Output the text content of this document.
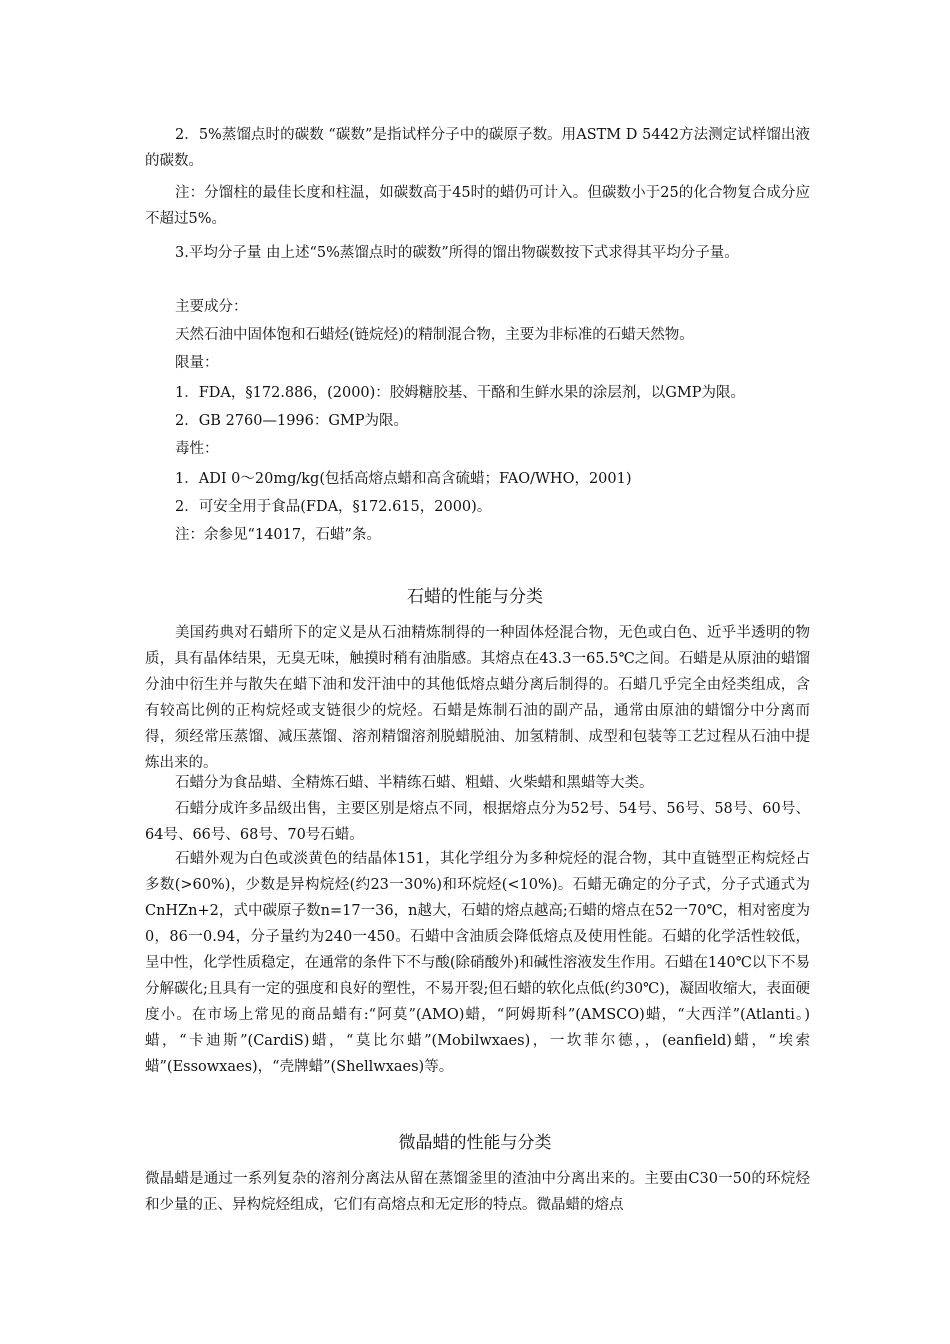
2．5%蒸馏点时的碳数 “碳数”是指试样分子中的碳原子数。用ASTM D 5442方法测定试样馏出液的碳数。

注：分馏柱的最佳长度和柱温，如碳数高于45时的蜡仍可计入。但碳数小于25的化合物复合成分应不超过5%。

3.平均分子量 由上述“5%蒸馏点时的碳数”所得的馏出物碳数按下式求得其平均分子量。

主要成分：

天然石油中固体饱和石蜡烃(链烷烃)的精制混合物，主要为非标准的石蜡天然物。

限量：

1．FDA，§172.886，(2000)：胶姆糖胶基、干酪和生鲜水果的涂层剂，以GMP为限。

2．GB 2760—1996：GMP为限。

毒性：

1．ADI 0～20mg/kg(包括高熔点蜡和高含硫蜡；FAO/WHO，2001)

2．可安全用于食品(FDA，§172.615，2000)。

注：余参见“14017，石蜡”条。

石蜡的性能与分类

美国药典对石蜡所下的定义是从石油精炼制得的一种固体烃混合物，无色或白色、近乎半透明的物质，具有晶体结果，无臭无味，触摸时稍有油脂感。其熔点在43.3一65.5℃之间。石蜡是从原油的蜡馏分油中衍生并与散失在蜡下油和发汗油中的其他低熔点蜡分离后制得的。石蜡几乎完全由烃类组成，含有较高比例的正构烷烃或支链很少的烷烃。石蜡是炼制石油的副产品，通常由原油的蜡馏分中分离而得，须经常压蒸馏、减压蒸馏、溶剂精馏溶剂脱蜡脱油、加氢精制、成型和包装等工艺过程从石油中提炼出来的。

石蜡分为食品蜡、全精炼石蜡、半精练石蜡、粗蜡、火柴蜡和黑蜡等大类。

石蜡分成许多品级出售，主要区别是熔点不同，根据熔点分为52号、54号、56号、58号、60号、64号、66号、68号、70号石蜡。

石蜡外观为白色或淡黄色的结晶体151，其化学组分为多种烷烃的混合物，其中直链型正构烷烃占多数(>60%)，少数是异构烷烃(约23一30%)和环烷烃(<10%)。石蜡无确定的分子式，分子式通式为CnHZn+2，式中碳原子数n=17一36，n越大，石蜡的熔点越高;石蜡的熔点在52一70℃，相对密度为0，86一0.94，分子量约为240一450。石蜡中含油质会降低熔点及使用性能。石蜡的化学活性较低，呈中性，化学性质稳定，在通常的条件下不与酸(除硝酸外)和碱性溶液发生作用。石蜡在140℃以下不易分解碳化;且具有一定的强度和良好的塑性，不易开裂;但石蜡的软化点低(约30℃)，凝固收缩大，表面硬度小。在市场上常见的商品蜡有:“阿莫”(AMO)蜡，“阿姆斯科”(AMSCO)蜡，“大西洋”(Atlanti。)蜡，“卡迪斯”(CardiS)蜡，“莫比尔蜡”(Mobilwxaes)，一坎菲尔德，，(eanfield)蜡，“埃索蜡”(Essowxaes)，“壳牌蜡”(Shellwxaes)等。

微晶蜡的性能与分类

微晶蜡是通过一系列复杂的溶剂分离法从留在蒸馏釜里的渣油中分离出来的。主要由C30一50的环烷烃和少量的正、异构烷烃组成，它们有高熔点和无定形的特点。微晶蜡的熔点
